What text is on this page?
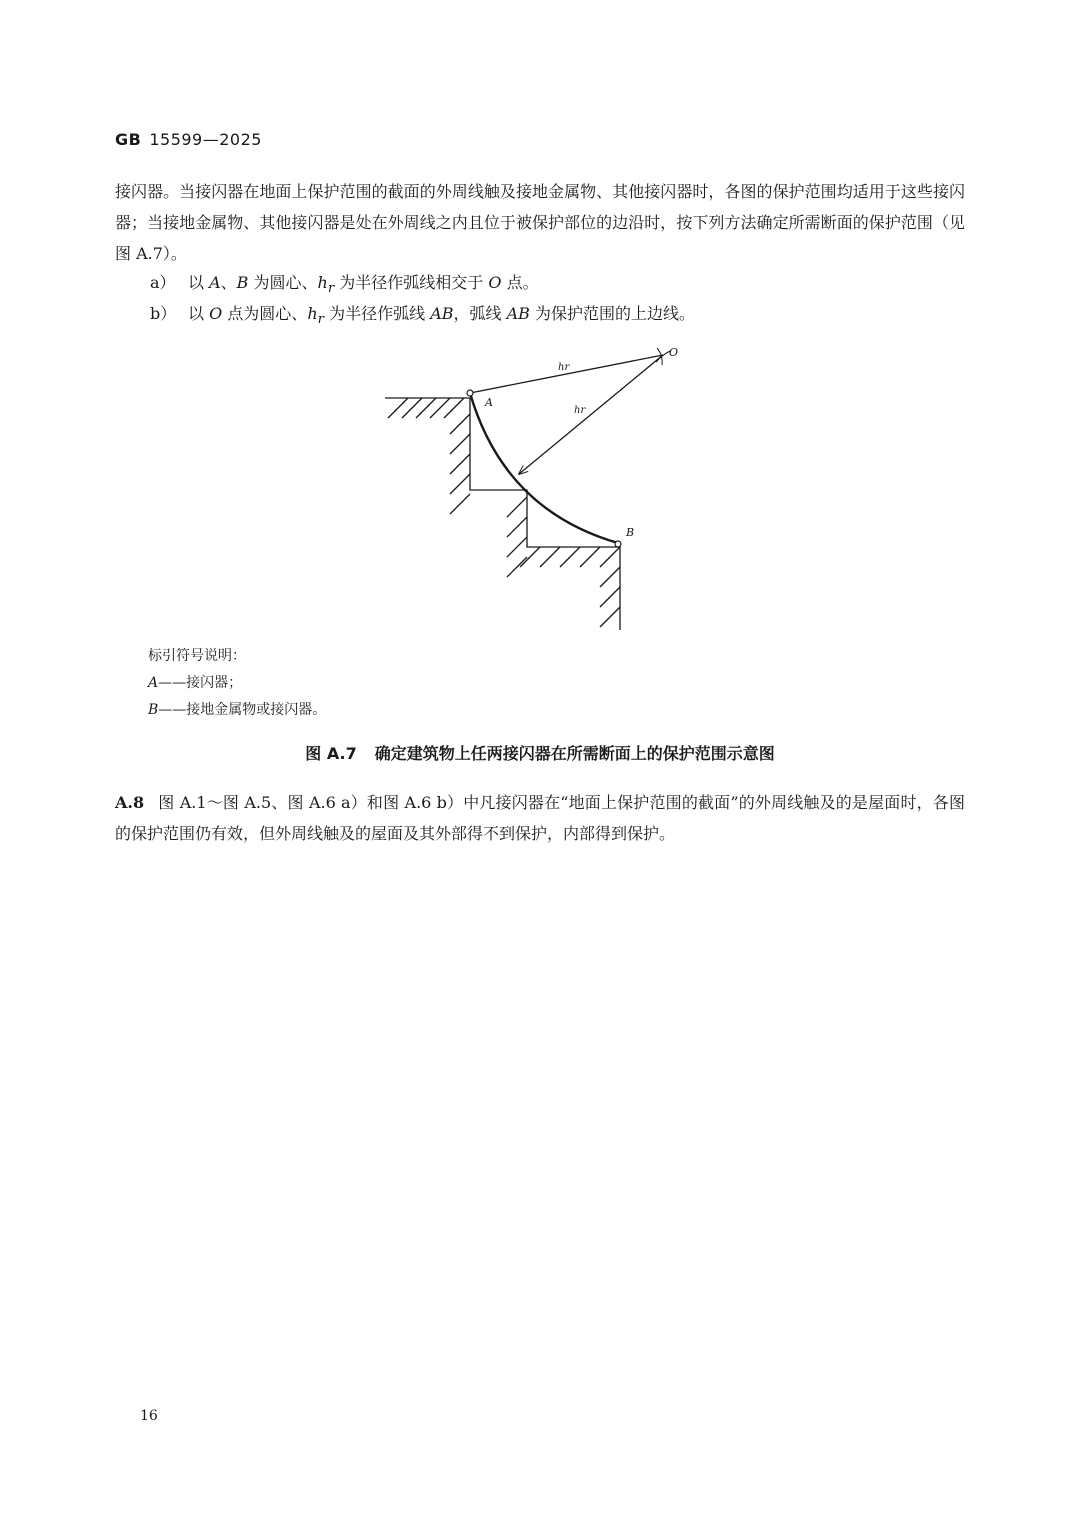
GB 15599—2025
接闪器。当接闪器在地面上保护范围的截面的外周线触及接地金属物、其他接闪器时，各图的保护范围均适用于这些接闪器；当接地金属物、其他接闪器是处在外周线之内且位于被保护部位的边沿时，按下列方法确定所需断面的保护范围（见图 A.7）。
a） 以 A、B 为圆心、$h_r$ 为半径作弧线相交于 O 点。
b） 以 O 点为圆心、$h_r$ 为半径作弧线 AB，弧线 AB 为保护范围的上边线。
O
A
B
hr
hr
标引符号说明：
A——接闪器；
B——接地金属物或接闪器。
图 A.7 确定建筑物上任两接闪器在所需断面上的保护范围示意图
A.8 图 A.1～图 A.5、图 A.6 a）和图 A.6 b）中凡接闪器在“地面上保护范围的截面”的外周线触及的是屋面时，各图的保护范围仍有效，但外周线触及的屋面及其外部得不到保护，内部得到保护。
16
